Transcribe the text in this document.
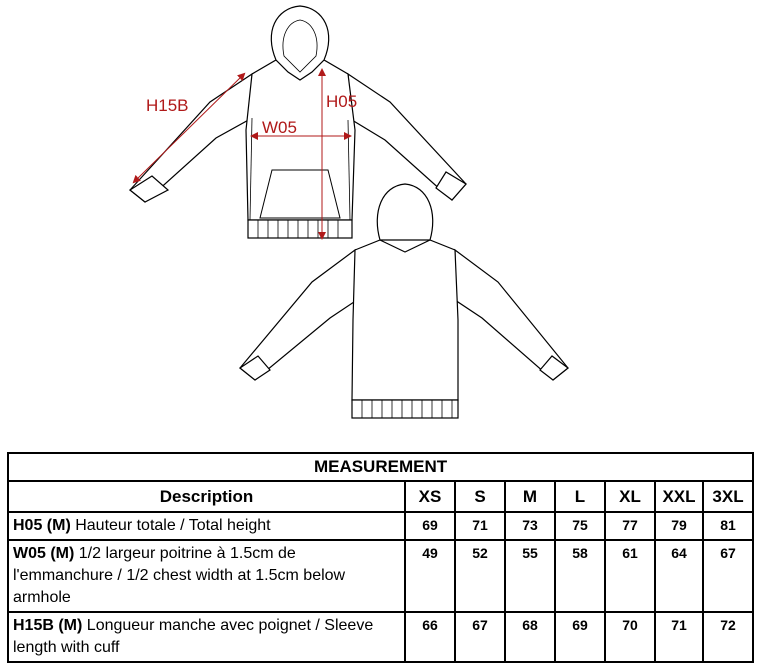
H15B	H05
W05
MEASUREMENT							
Description	XS	S	M	L	XL	XXL	3XL
H05 (M) Hauteur totale / Total height	69	71	73	75	77	79	81
W05 (M) 1/2 largeur poitrine à 1.5cm de l'emmanchure / 1/2 chest width at 1.5cm below armhole	49	52	55	58	61	64	67
H15B (M) Longueur manche avec poignet / Sleeve length with cuff	66	67	68	69	70	71	72
